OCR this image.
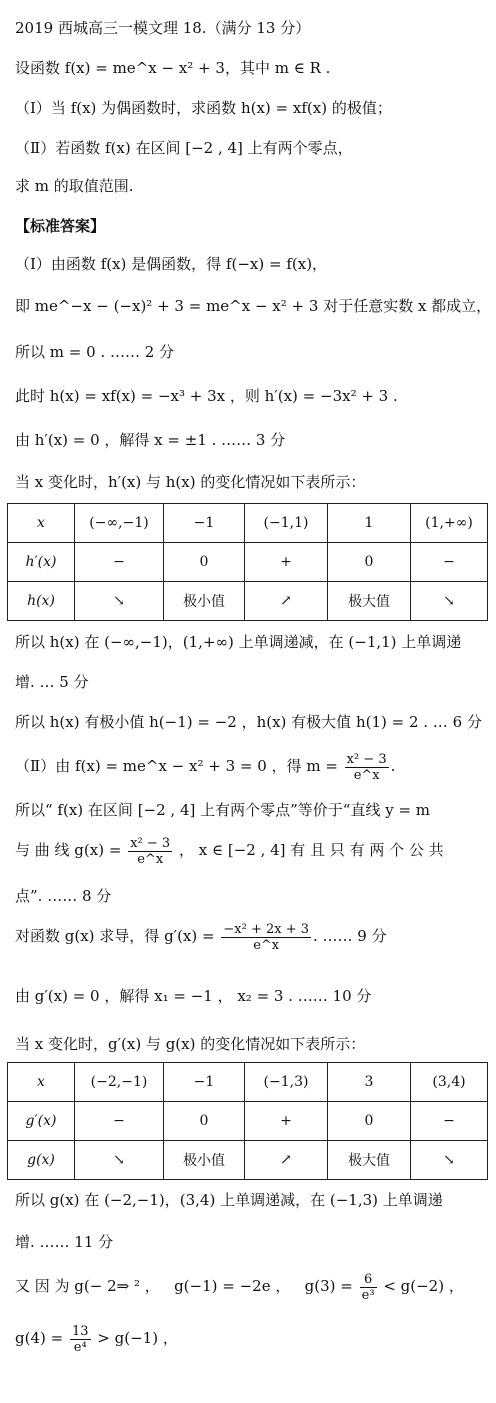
2019 西城高三一模文理 18.（满分 13 分）
设函数 f(x) = me^x − x² + 3，其中 m ∈ R .
（Ⅰ）当 f(x) 为偶函数时，求函数 h(x) = xf(x) 的极值；
（Ⅱ）若函数 f(x) 在区间 [−2 , 4] 上有两个零点，
求 m 的取值范围.
【标准答案】
（Ⅰ）由函数 f(x) 是偶函数，得 f(−x) = f(x)，
即 me^−x − (−x)² + 3 = me^x − x² + 3 对于任意实数 x 都成立，
所以 m = 0 . …… 2 分
此时 h(x) = xf(x) = −x³ + 3x ，则 h′(x) = −3x² + 3 .
由 h′(x) = 0 ，解得 x = ±1 . …… 3 分
当 x 变化时，h′(x) 与 h(x) 的变化情况如下表所示：
x	(−∞,−1)	−1	(−1,1)	1	(1,+∞)
h′(x)	−	0	+	0	−
h(x)	↘	极小值	↗	极大值	↘
所以 h(x) 在 (−∞,−1)，(1,+∞) 上单调递减，在 (−1,1) 上单调递
增. … 5 分
所以 h(x) 有极小值 h(−1) = −2 ，h(x) 有极大值 h(1) = 2 . … 6 分
（Ⅱ）由 f(x) = me^x − x² + 3 = 0 ，得 $m = \frac{\text{x² − 3}}{e\^{}x}$ .
所以“ f(x) 在区间 [−2 , 4] 上有两个零点”等价于“直线 y = m
与 曲 线 $g(x) = \frac{\text{x² − 3}}{e\^{}x}$ ， x ∈ [−2 , 4] 有 且 只 有 两 个 公 共
点”. …… 8 分
对函数 g(x) 求导，得 $g'(x) = \frac{\text{−x² + 2x + 3}}{e\^{}x}$ . …… 9 分
由 g′(x) = 0 ，解得 x₁ = −1 ， x₂ = 3 . …… 10 分
当 x 变化时，g′(x) 与 g(x) 的变化情况如下表所示：
x	(−2,−1)	−1	(−1,3)	3	(3,4)
g′(x)	−	0	+	0	−
g(x)	↘	极小值	↗	极大值	↘
所以 g(x) 在 (−2,−1)，(3,4) 上单调递减，在 (−1,3) 上单调递
增. …… 11 分
又 因 为 g(− 2⇒ ² ， g(−1) = −2e ， $g(3) = \frac{6}{\text{e³}} < g(-2)$ ，
$g(4) = \frac{13}{\text{e⁴}} > g(-1)$ ，
